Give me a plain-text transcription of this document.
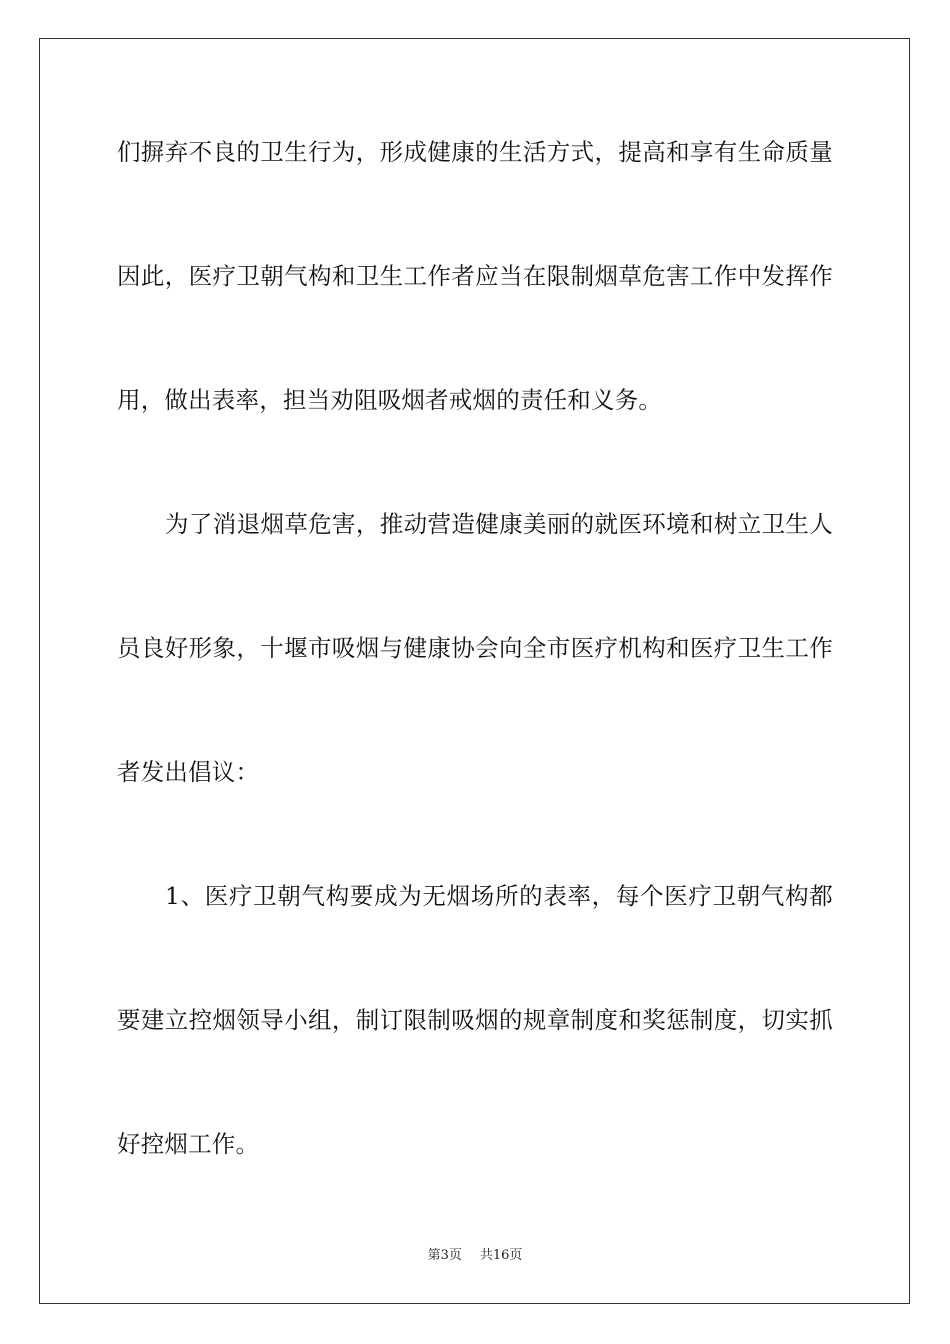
们摒弃不良的卫生行为，形成健康的生活方式，提高和享有生命质量
因此，医疗卫朝气构和卫生工作者应当在限制烟草危害工作中发挥作
用，做出表率，担当劝阻吸烟者戒烟的责任和义务。
为了消退烟草危害，推动营造健康美丽的就医环境和树立卫生人
员良好形象，十堰市吸烟与健康协会向全市医疗机构和医疗卫生工作
者发出倡议：
1、医疗卫朝气构要成为无烟场所的表率，每个医疗卫朝气构都
要建立控烟领导小组，制订限制吸烟的规章制度和奖惩制度，切实抓
好控烟工作。
第3页 共16页
